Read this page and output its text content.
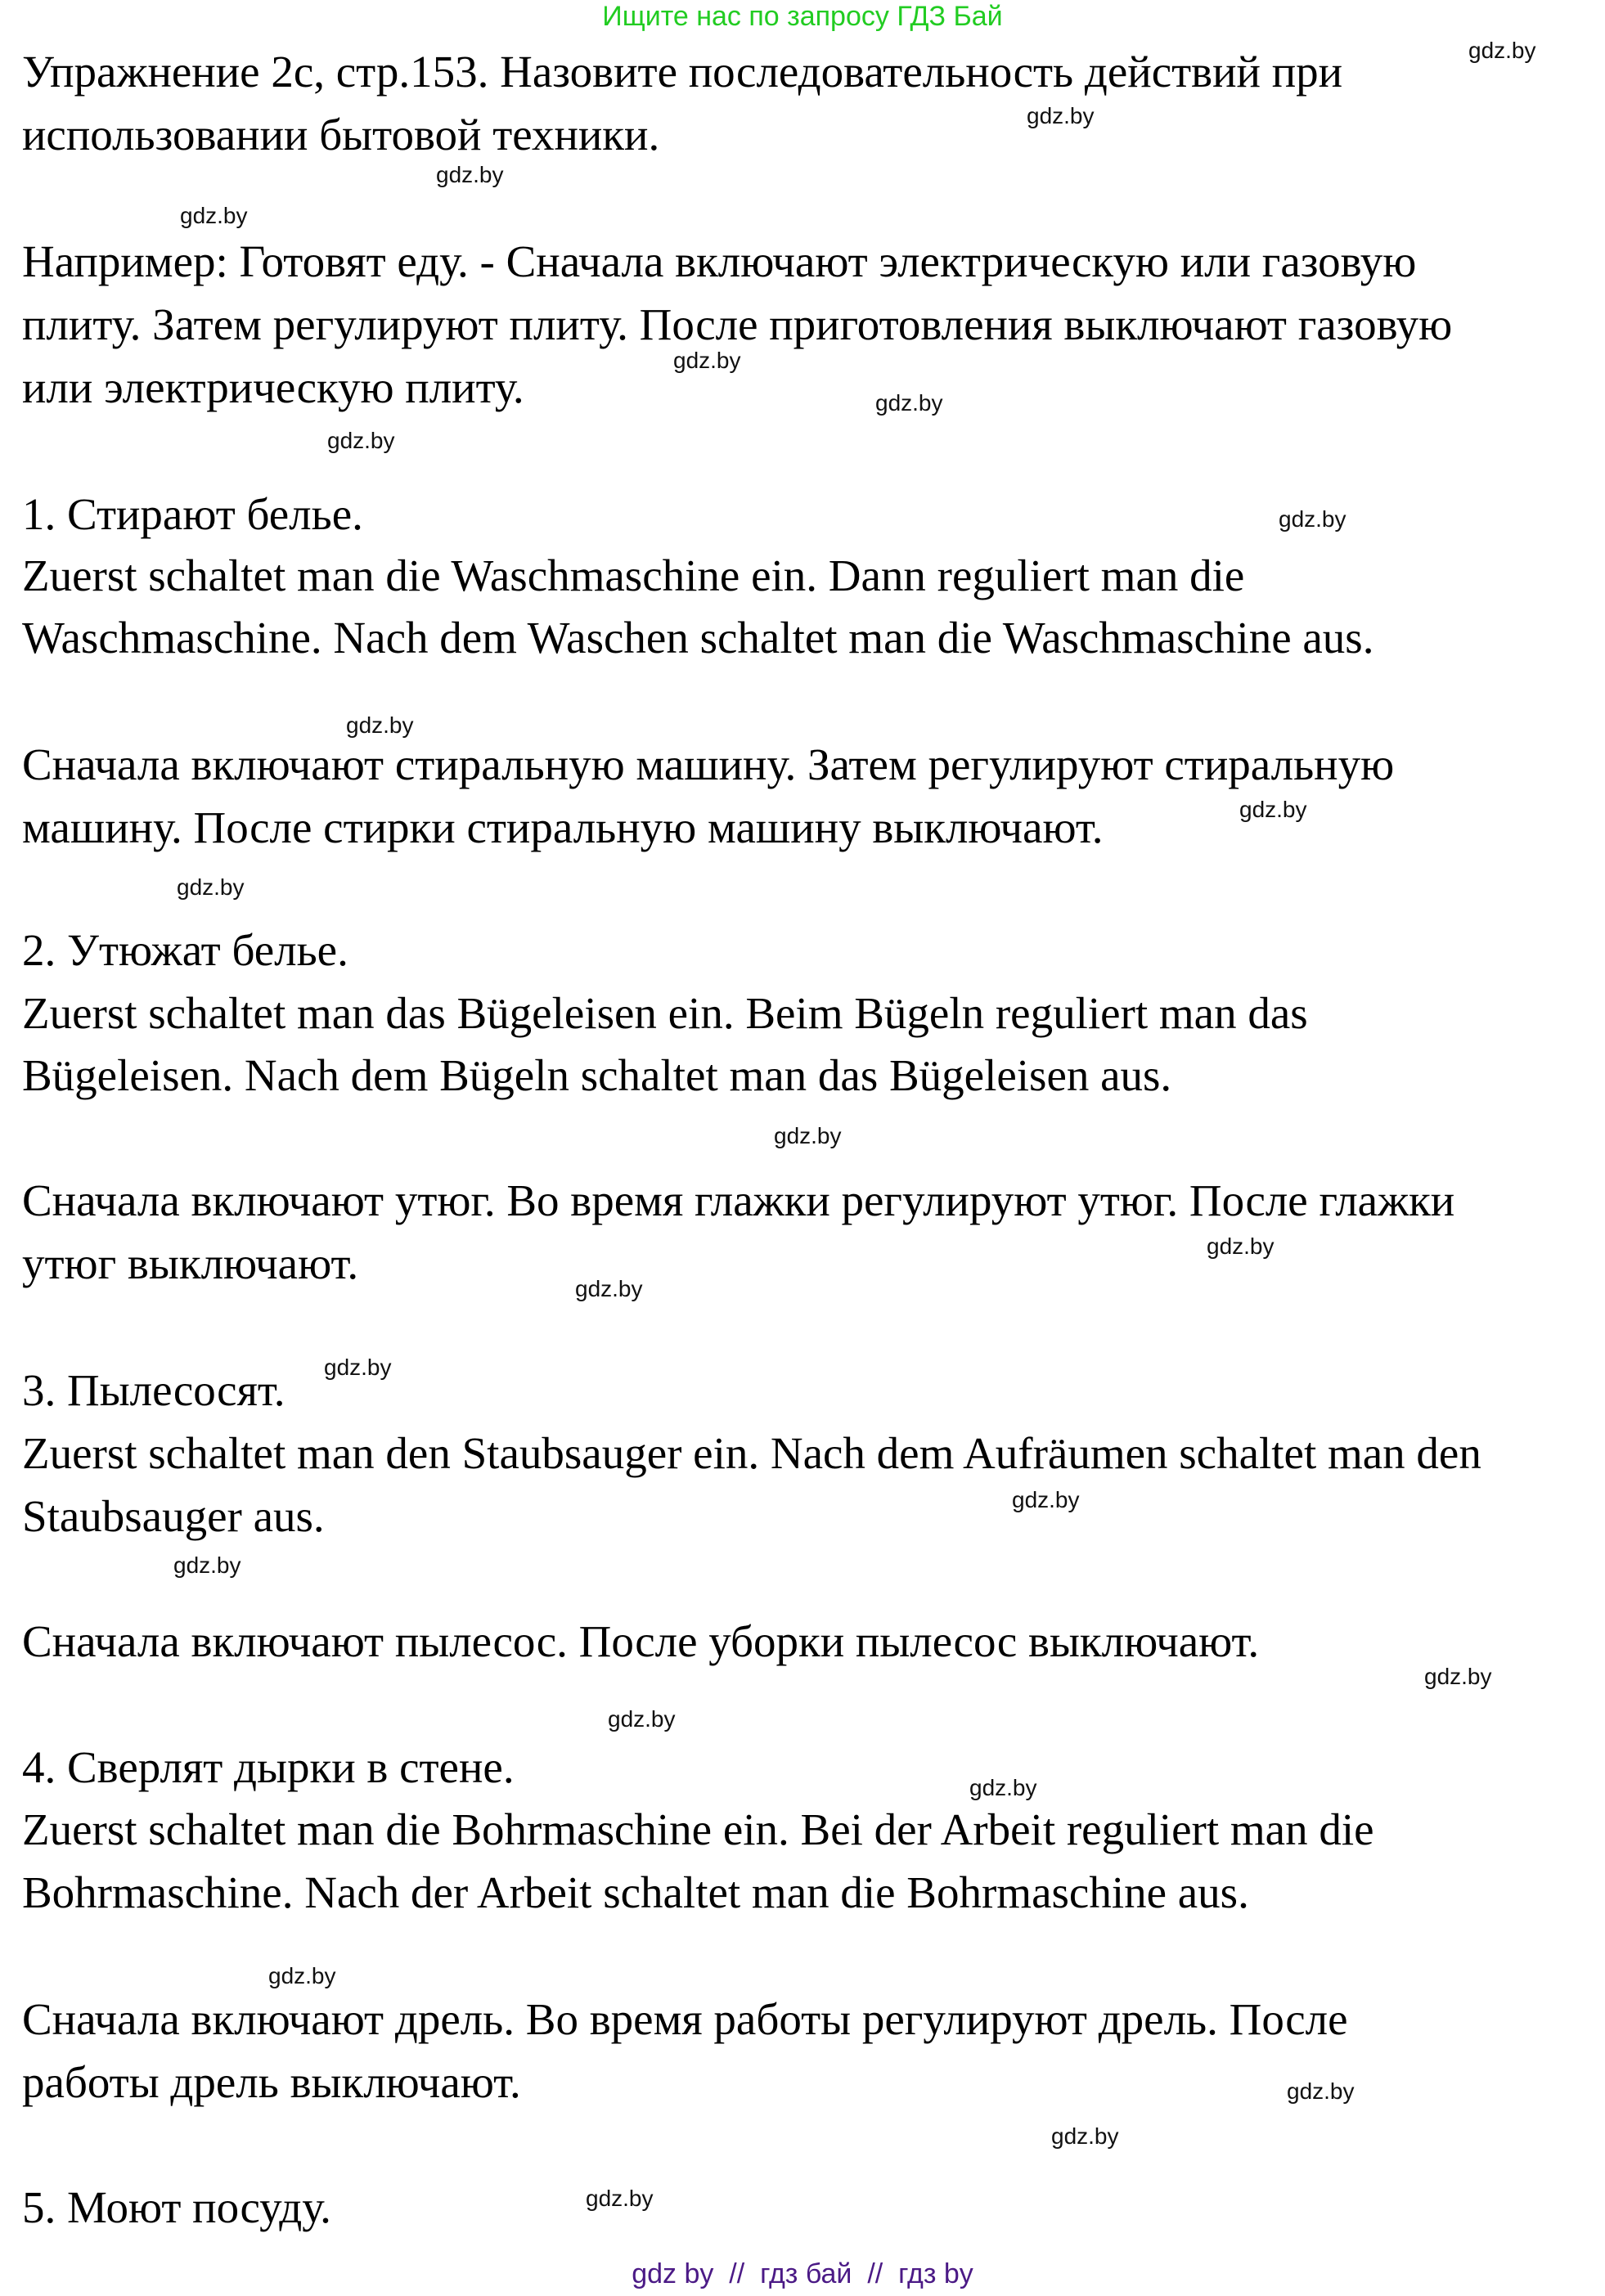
Ищите нас по запросу ГДЗ Бай
Упражнение 2c, стр.153. Назовите последовательность действий при
использовании бытовой техники.
Например: Готовят еду. - Сначала включают электрическую или газовую
плиту. Затем регулируют плиту. После приготовления выключают газовую
или электрическую плиту.
1. Стирают белье.
Zuerst schaltet man die Waschmaschine ein. Dann reguliert man die
Waschmaschine. Nach dem Waschen schaltet man die Waschmaschine aus.
Сначала включают стиральную машину. Затем регулируют стиральную
машину. После стирки стиральную машину выключают.
2. Утюжат белье.
Zuerst schaltet man das Bügeleisen ein. Beim Bügeln reguliert man das
Bügeleisen. Nach dem Bügeln schaltet man das Bügeleisen aus.
Сначала включают утюг. Во время глажки регулируют утюг. После глажки
утюг выключают.
3. Пылесосят.
Zuerst schaltet man den Staubsauger ein. Nach dem Aufräumen schaltet man den
Staubsauger aus.
Сначала включают пылесос. После уборки пылесос выключают.
4. Сверлят дырки в стене.
Zuerst schaltet man die Bohrmaschine ein. Bei der Arbeit reguliert man die
Bohrmaschine. Nach der Arbeit schaltet man die Bohrmaschine aus.
Сначала включают дрель. Во время работы регулируют дрель. После
работы дрель выключают.
5. Моют посуду.
gdz.by
gdz.by
gdz.by
gdz.by
gdz.by
gdz.by
gdz.by
gdz.by
gdz.by
gdz.by
gdz.by
gdz.by
gdz.by
gdz.by
gdz.by
gdz.by
gdz.by
gdz.by
gdz.by
gdz.by
gdz.by
gdz.by
gdz.by
gdz.by
gdz by  //  гдз бай  //  гдз by
